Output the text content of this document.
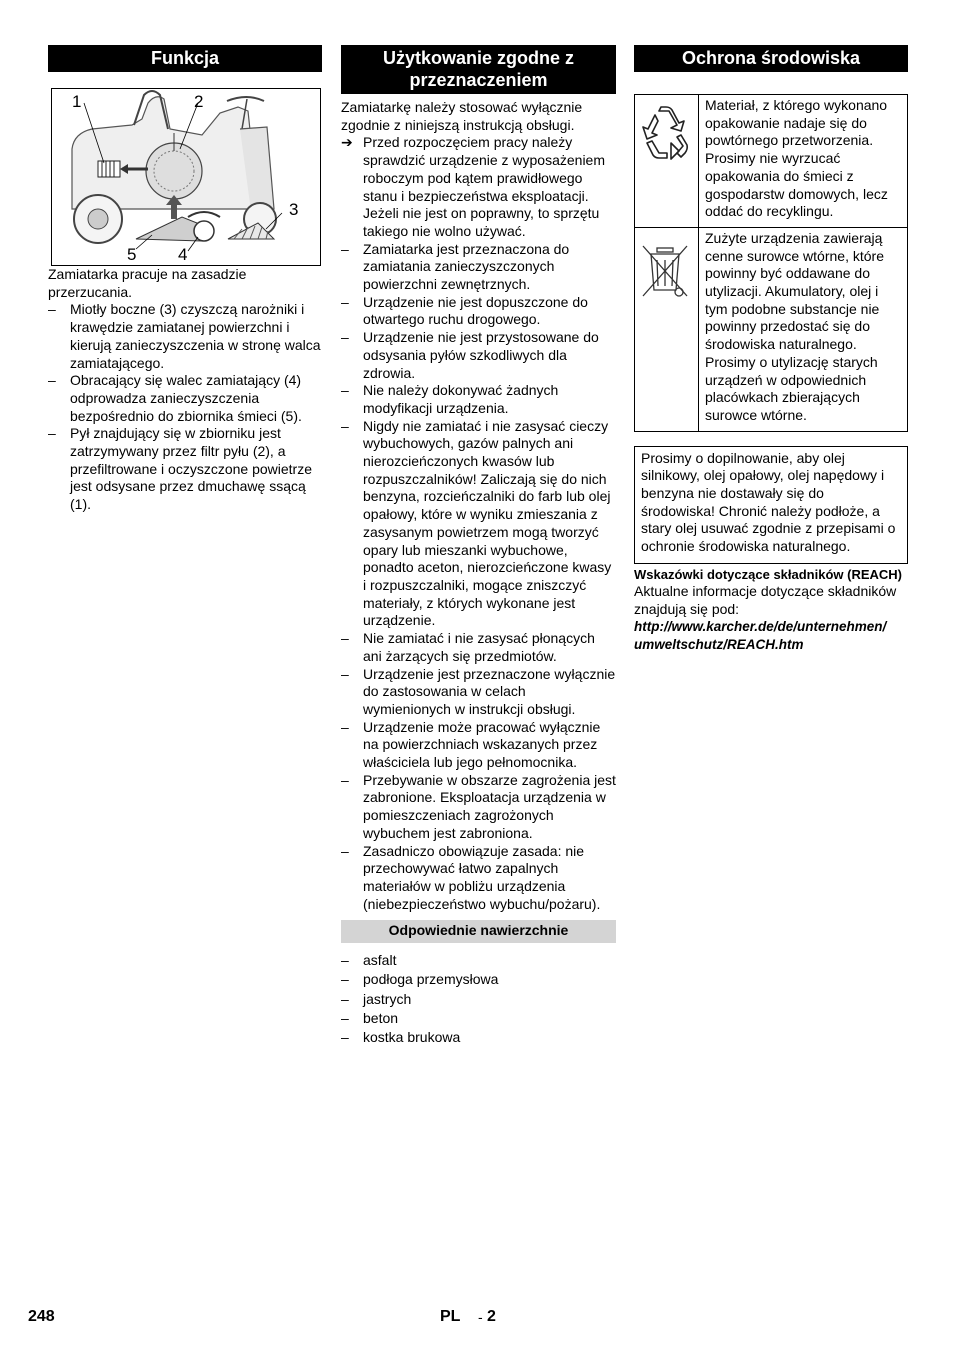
Funkcja
1	2
3
4
5

Zamiatarka pracuje na zasadzie przerzucania.

– Miotły boczne (3) czyszczą narożniki i krawędzie zamiatanej powierzchni i kierują zanieczyszczenia w stronę walca zamiatającego.
– Obracający się walec zamiatający (4) odprowadza zanieczyszczenia bezpośrednio do zbiornika śmieci (5).
– Pył znajdujący się w zbiorniku jest zatrzymywany przez filtr pyłu (2), a przefiltrowane i oczyszczone powietrze jest odsysane przez dmuchawę ssącą (1).
Użytkowanie zgodne z przeznaczeniem

Zamiatarkę należy stosować wyłącznie zgodnie z niniejszą instrukcją obsługi.

➔ Przed rozpoczęciem pracy należy sprawdzić urządzenie z wyposażeniem roboczym pod kątem prawidłowego stanu i bezpieczeństwa eksploatacji. Jeżeli nie jest on poprawny, to sprzętu takiego nie wolno używać.
– Zamiatarka jest przeznaczona do zamiatania zanieczyszczonych powierzchni zewnętrznych.
– Urządzenie nie jest dopuszczone do otwartego ruchu drogowego.
– Urządzenie nie jest przystosowane do odsysania pyłów szkodliwych dla zdrowia.
– Nie należy dokonywać żadnych modyfikacji urządzenia.
– Nigdy nie zamiatać i nie zasysać cieczy wybuchowych, gazów palnych ani nierozcieńczonych kwasów lub rozpuszczalników! Zaliczają się do nich benzyna, rozcieńczalniki do farb lub olej opałowy, które w wyniku zmieszania z zasysanym powietrzem mogą tworzyć opary lub mieszanki wybuchowe, ponadto aceton, nierozcieńczone kwasy i rozpuszczalniki, mogące zniszczyć materiały, z których wykonane jest urządzenie.
– Nie zamiatać i nie zasysać płonących ani żarzących się przedmiotów.
– Urządzenie jest przeznaczone wyłącznie do zastosowania w celach wymienionych w instrukcji obsługi.
– Urządzenie może pracować wyłącznie na powierzchniach wskazanych przez właściciela lub jego pełnomocnika.
– Przebywanie w obszarze zagrożenia jest zabronione. Eksploatacja urządzenia w pomieszczeniach zagrożonych wybuchem jest zabroniona.
– Zasadniczo obowiązuje zasada: nie przechowywać łatwo zapalnych materiałów w pobliżu urządzenia (niebezpieczeństwo wybuchu/pożaru).
Odpowiednie nawierzchnie
– asfalt
– podłoga przemysłowa
– jastrych
– beton
– kostka brukowa
Ochrona środowiska
Materiał, z którego wykonano opakowanie nadaje się do powtórnego przetworzenia. Prosimy nie wyrzucać opakowania do śmieci z gospodarstw domowych, lecz oddać do recyklingu.
Zużyte urządzenia zawierają cenne surowce wtórne, które powinny być oddawane do utylizacji. Akumulatory, olej i tym podobne substancje nie powinny przedostać się do środowiska naturalnego. Prosimy o utylizację starych urządzeń w odpowiednich placówkach zbierających surowce wtórne.
Prosimy o dopilnowanie, aby olej silnikowy, olej opałowy, olej napędowy i benzyna nie dostawały się do środowiska! Chronić należy podłoże, a stary olej usuwać zgodnie z przepisami o ochronie środowiska naturalnego.

Wskazówki dotyczące składników (REACH)

Aktualne informacje dotyczące składników znajdują się pod:

http://www.karcher.de/de/unternehmen/

umweltschutz/REACH.htm

248	PL - 2
